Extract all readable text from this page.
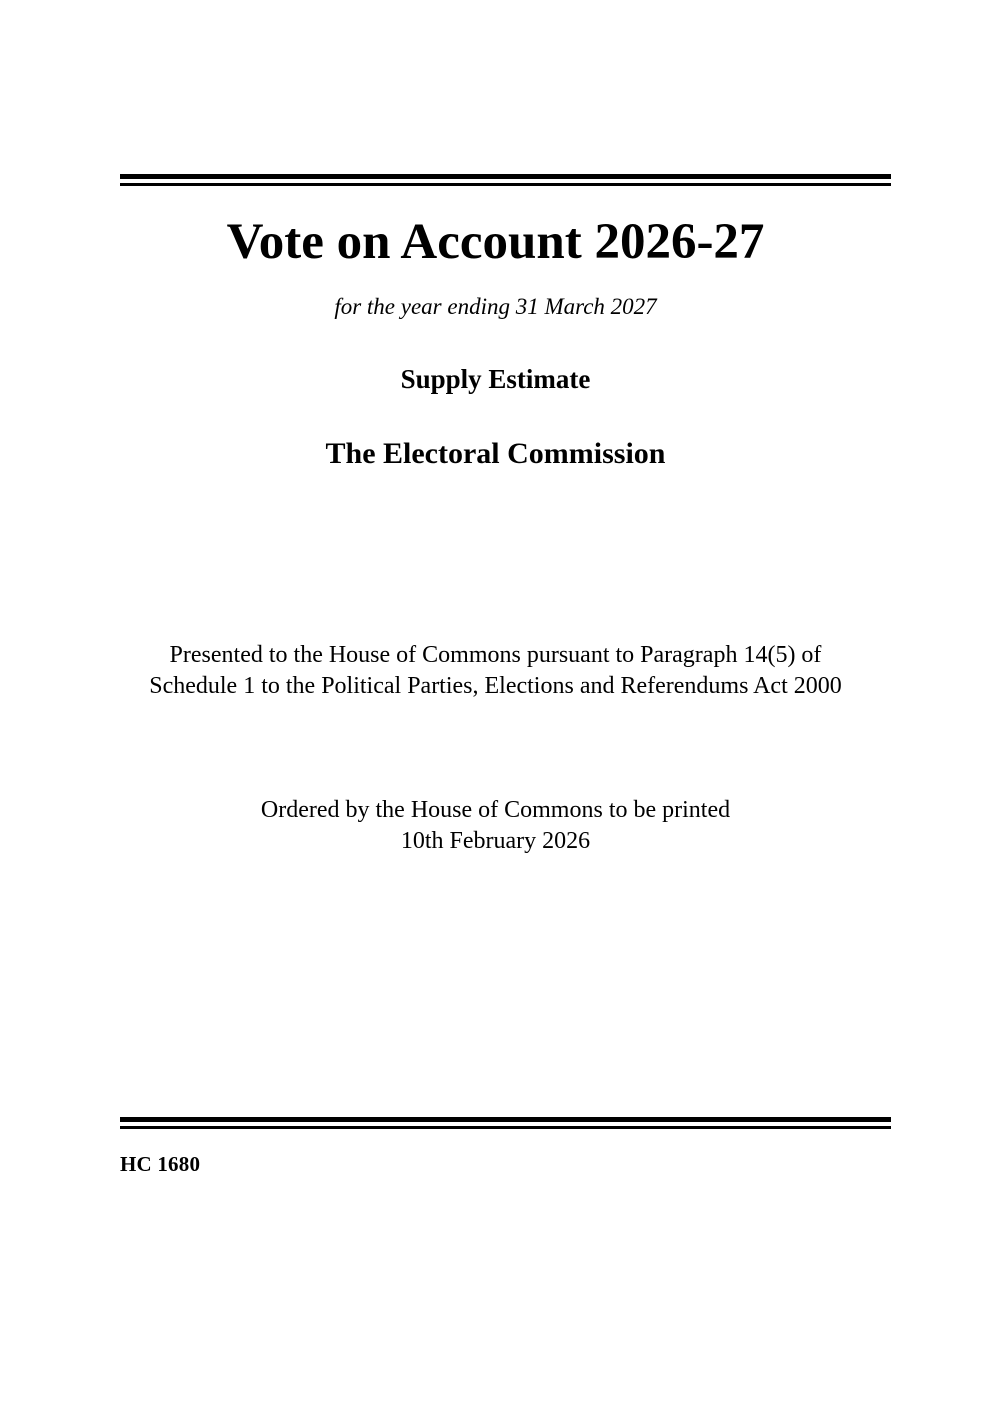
Vote on Account 2026-27

for the year ending 31 March 2027

Supply Estimate

The Electoral Commission

Presented to the House of Commons pursuant to Paragraph 14(5) of
Schedule 1 to the Political Parties, Elections and Referendums Act 2000
Ordered by the House of Commons to be printed
10th February 2026
HC 1680
